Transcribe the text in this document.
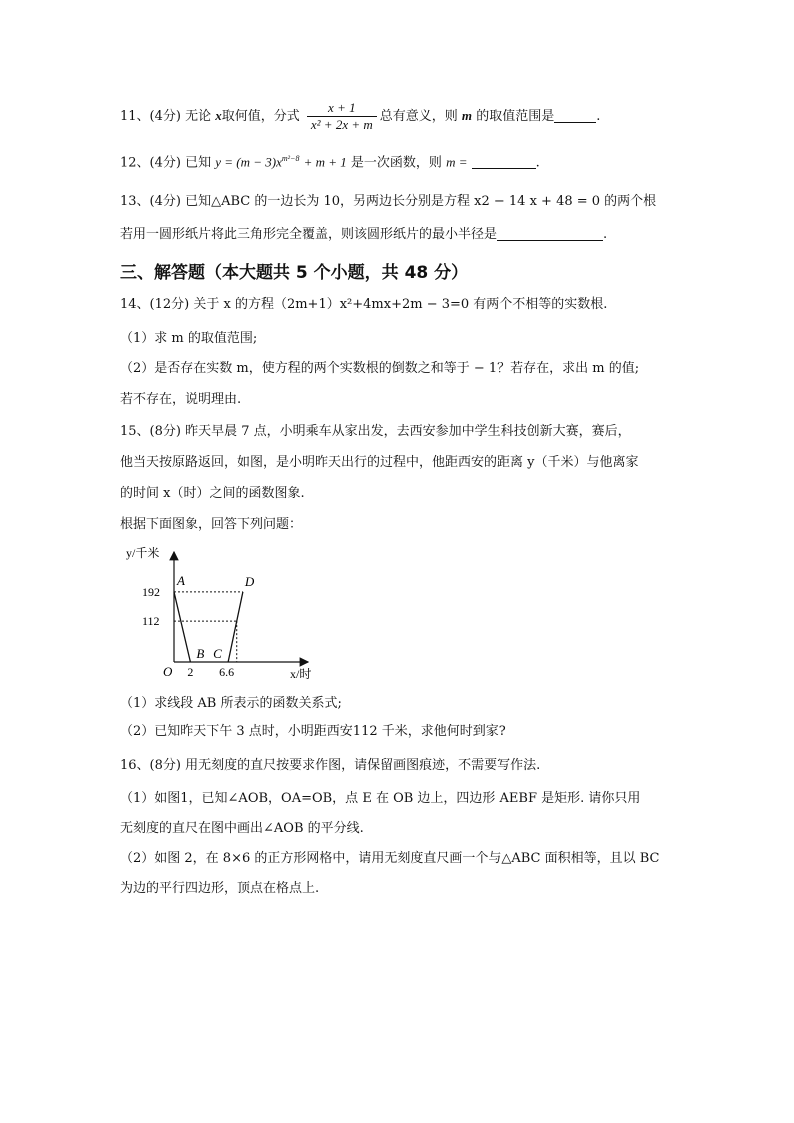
11、(4分) 无论 x取何值，分式 $\frac{x + 1}{\text{x² + 2x + m}}$ 总有意义，则 m 的取值范围是	.
12、(4分) 已知 $y = (m - 3)x^{m^2-8} + m + 1$ 是一次函数，则 m =	.
13、(4分) 已知△ABC 的一边长为 10，另两边长分别是方程 x2 − 14 x + 48 = 0 的两个根
若用一圆形纸片将此三角形完全覆盖，则该圆形纸片的最小半径是	.
三、解答题（本大题共 5 个小题，共 48 分）
14、(12分) 关于 x 的方程（2m+1）x²+4mx+2m − 3=0 有两个不相等的实数根.
（1）求 m 的取值范围;
（2）是否存在实数 m，使方程的两个实数根的倒数之和等于 − 1？若存在，求出 m 的值;
若不存在，说明理由.
15、(8分) 昨天早晨 7 点，小明乘车从家出发，去西安参加中学生科技创新大赛，赛后，
他当天按原路返回，如图，是小明昨天出行的过程中，他距西安的距离 y（千米）与他离家
的时间 x（时）之间的函数图象.
根据下面图象，回答下列问题：
192
112
2 6.6
A
B C
D
y/千米
x/时
O
（1）求线段 AB 所表示的函数关系式;
（2）已知昨天下午 3 点时，小明距西安112 千米，求他何时到家?
16、(8分) 用无刻度的直尺按要求作图，请保留画图痕迹，不需要写作法.
（1）如图1，已知∠AOB，OA=OB，点 E 在 OB 边上，四边形 AEBF 是矩形. 请你只用
无刻度的直尺在图中画出∠AOB 的平分线.
（2）如图 2，在 8×6 的正方形网格中，请用无刻度直尺画一个与△ABC 面积相等，且以 BC
为边的平行四边形，顶点在格点上.
